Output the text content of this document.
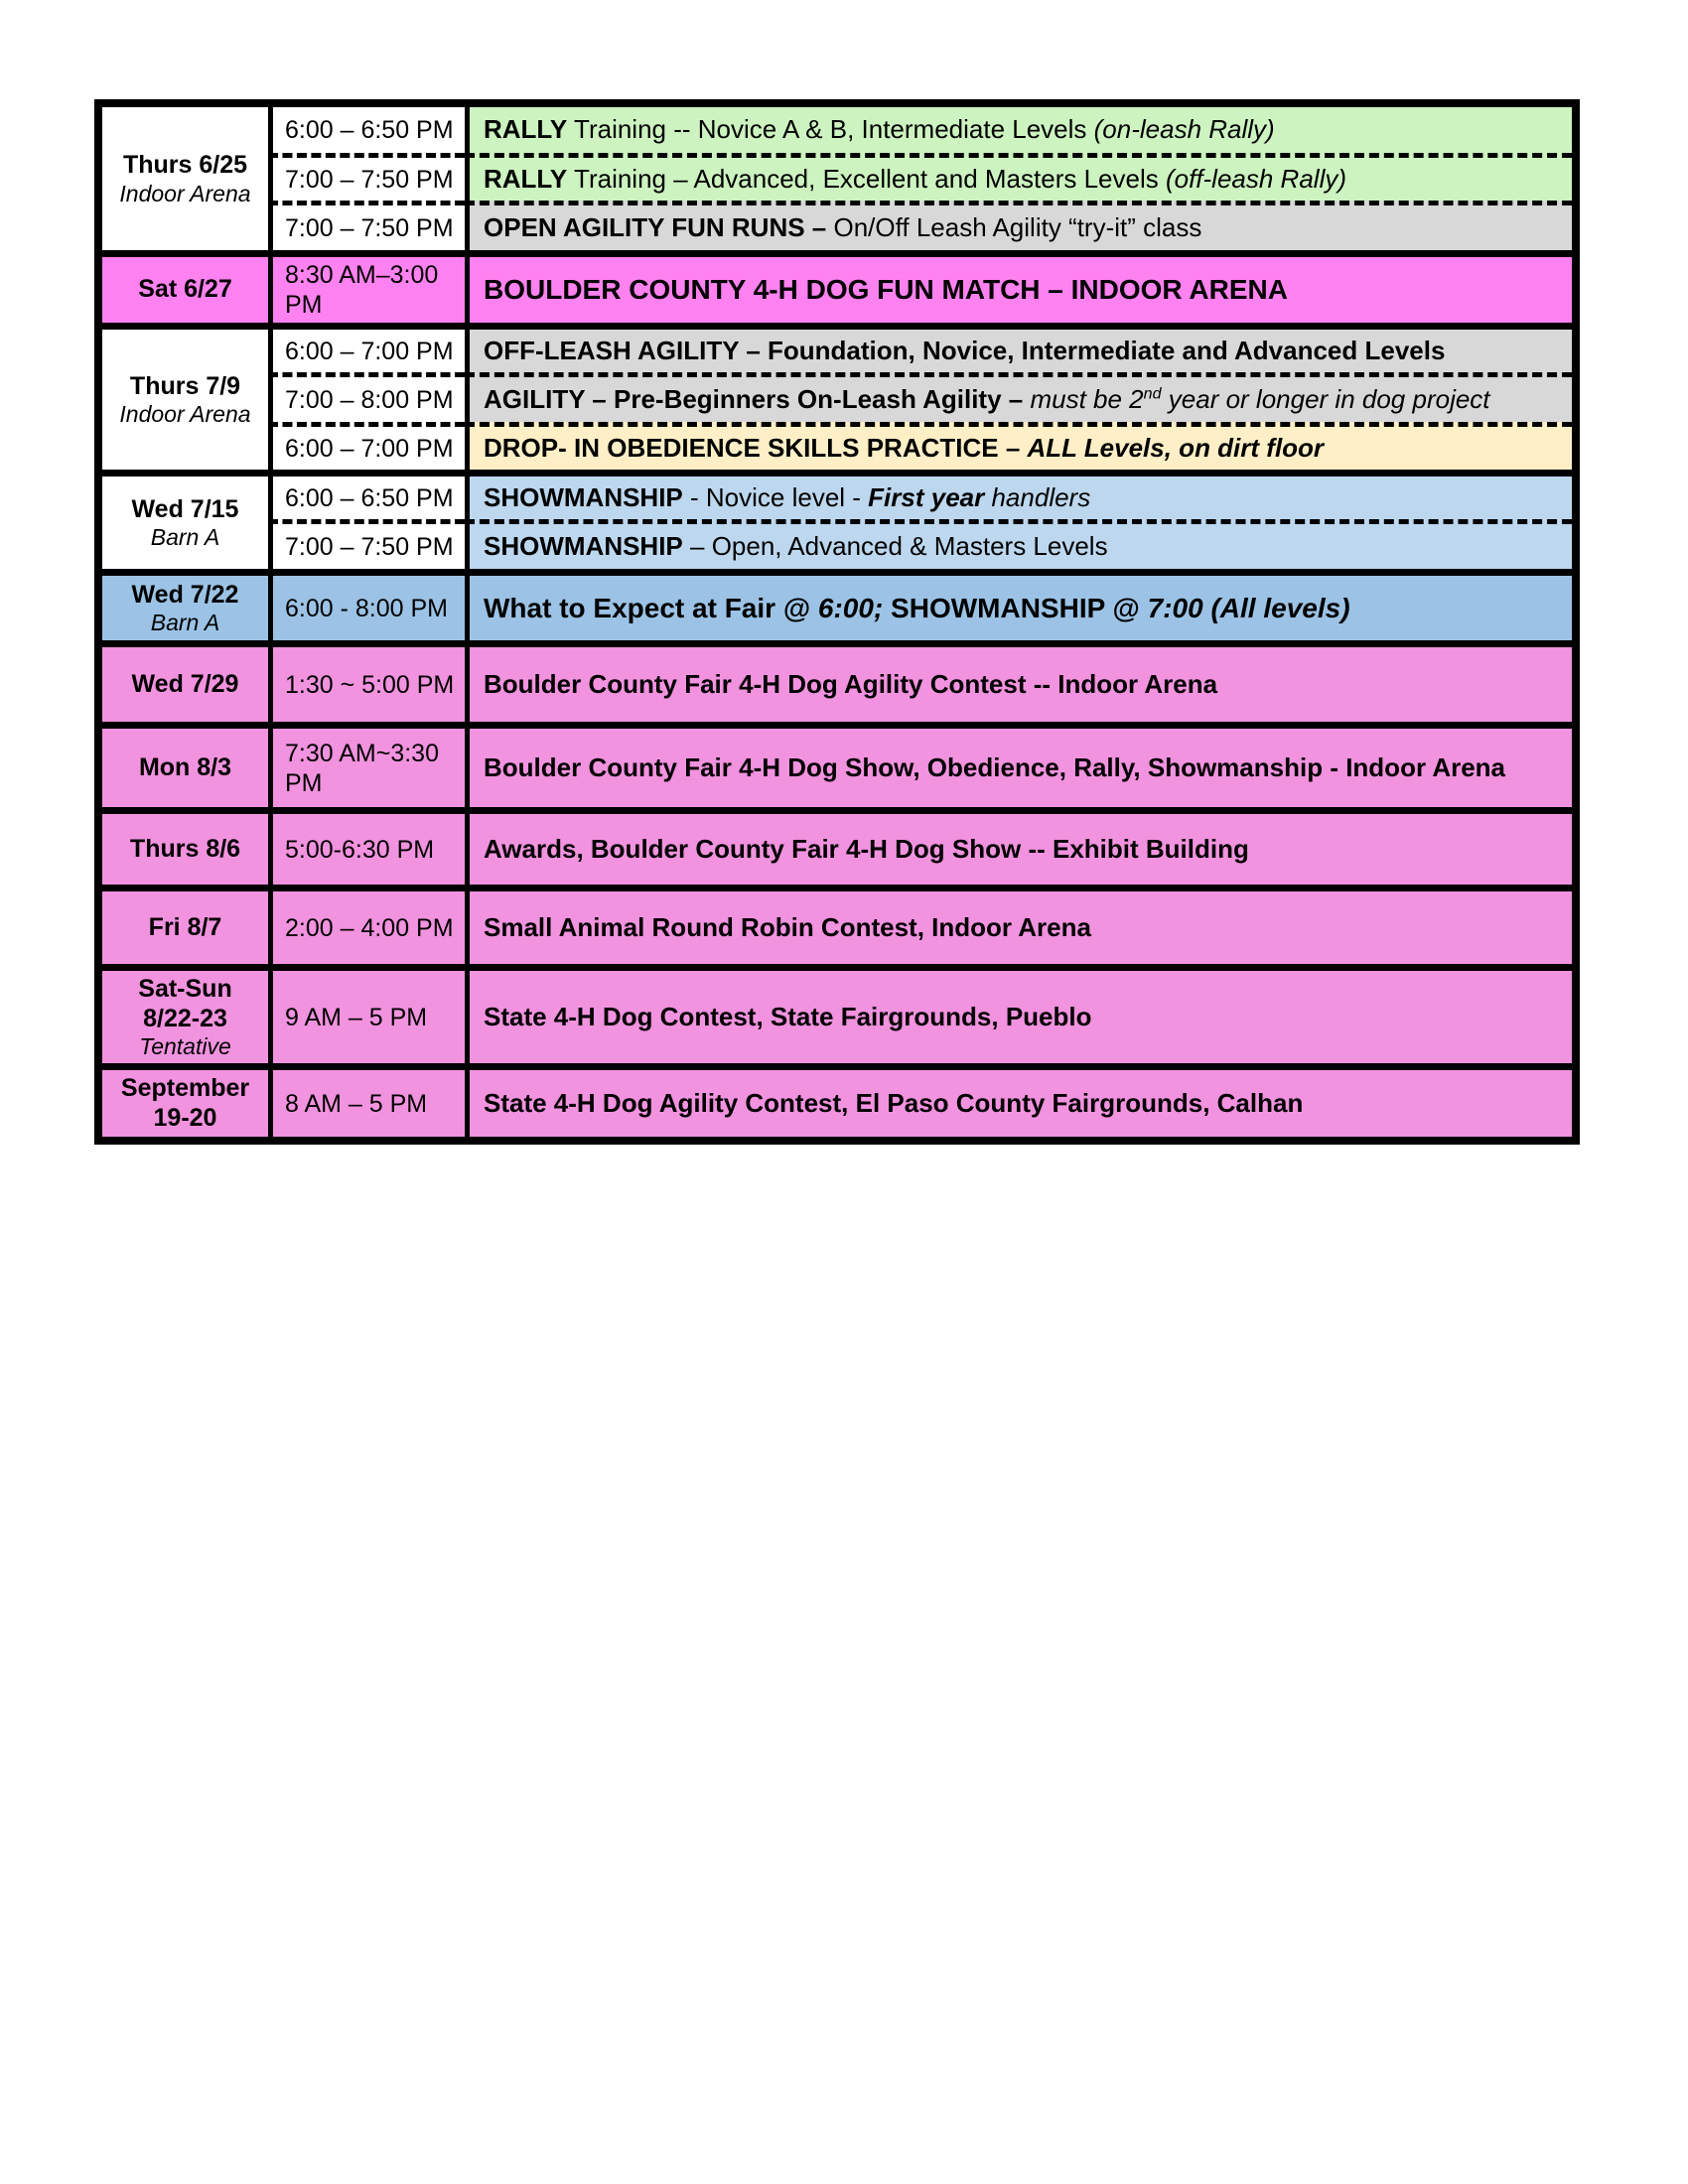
Thurs 6/25
Indoor Arena	6:00 – 6:50 PM	RALLY Training -- Novice A & B, Intermediate Levels (on-leash Rally)
	7:00 – 7:50 PM	RALLY Training – Advanced, Excellent and Masters Levels (off-leash Rally)
	7:00 – 7:50 PM	OPEN AGILITY FUN RUNS – On/Off Leash Agility “try-it” class

Sat 6/27	8:30 AM–3:00 PM	BOULDER COUNTY 4-H DOG FUN MATCH – INDOOR ARENA

Thurs 7/9
Indoor Arena	6:00 – 7:00 PM	OFF-LEASH AGILITY – Foundation, Novice, Intermediate and Advanced Levels
	7:00 – 8:00 PM	AGILITY – Pre-Beginners On-Leash Agility – must be 2nd year or longer in dog project
	6:00 – 7:00 PM	DROP- IN OBEDIENCE SKILLS PRACTICE – ALL Levels, on dirt floor

Wed 7/15
Barn A	6:00 – 6:50 PM	SHOWMANSHIP - Novice level - First year handlers
	7:00 – 7:50 PM	SHOWMANSHIP – Open, Advanced & Masters Levels

Wed 7/22
Barn A	6:00 - 8:00 PM	What to Expect at Fair @ 6:00; SHOWMANSHIP @ 7:00 (All levels)

Wed 7/29	1:30 ~ 5:00 PM	Boulder County Fair 4-H Dog Agility Contest -- Indoor Arena

Mon 8/3	7:30 AM~3:30 PM	Boulder County Fair 4-H Dog Show, Obedience, Rally, Showmanship - Indoor Arena

Thurs 8/6	5:00-6:30 PM	Awards, Boulder County Fair 4-H Dog Show -- Exhibit Building

Fri 8/7	2:00 – 4:00 PM	Small Animal Round Robin Contest, Indoor Arena

Sat-Sun
8/22-23
Tentative	9 AM – 5 PM	State 4-H Dog Contest, State Fairgrounds, Pueblo

September
19-20	8 AM – 5 PM	State 4-H Dog Agility Contest, El Paso County Fairgrounds, Calhan
